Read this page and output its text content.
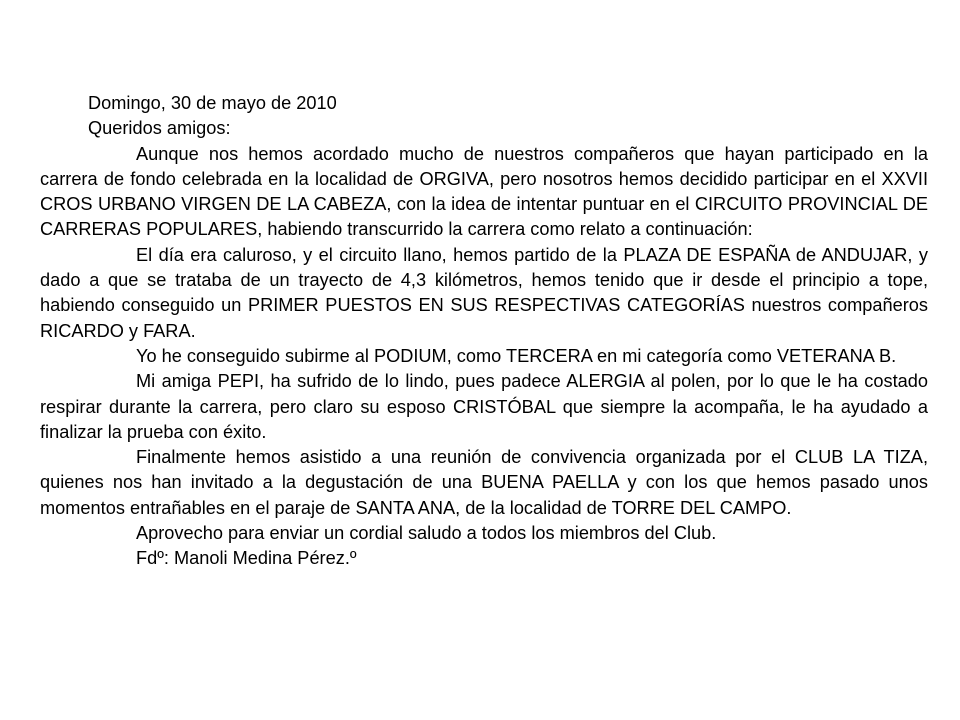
Domingo, 30 de mayo de 2010

Queridos amigos:

Aunque nos hemos acordado mucho de nuestros compañeros que hayan participado en la carrera de fondo celebrada en la localidad de ORGIVA, pero nosotros hemos decidido participar en el XXVII CROS URBANO VIRGEN DE LA CABEZA, con la idea de intentar puntuar en el CIRCUITO PROVINCIAL DE CARRERAS POPULARES, habiendo transcurrido la carrera como relato a continuación:

El día era caluroso, y el circuito llano, hemos partido de la PLAZA DE ESPAÑA de ANDUJAR, y dado a que se trataba de un trayecto de 4,3 kilómetros, hemos tenido que ir desde el principio a tope, habiendo conseguido un PRIMER PUESTOS EN SUS RESPECTIVAS CATEGORÍAS nuestros compañeros RICARDO y FARA.

Yo he conseguido subirme al PODIUM, como TERCERA en mi categoría como VETERANA B.

Mi amiga PEPI, ha sufrido de lo lindo, pues padece ALERGIA al polen, por lo que le ha costado respirar durante la carrera, pero claro su esposo CRISTÓBAL que siempre la acompaña, le ha ayudado a finalizar la prueba con éxito.

Finalmente hemos asistido a una reunión de convivencia organizada por el CLUB LA TIZA, quienes nos han invitado a la degustación de una BUENA PAELLA y con los que hemos pasado unos momentos entrañables en el paraje de SANTA ANA, de la localidad de TORRE DEL CAMPO.

Aprovecho para enviar un cordial saludo a todos los miembros del Club.

Fdº: Manoli Medina Pérez.º
